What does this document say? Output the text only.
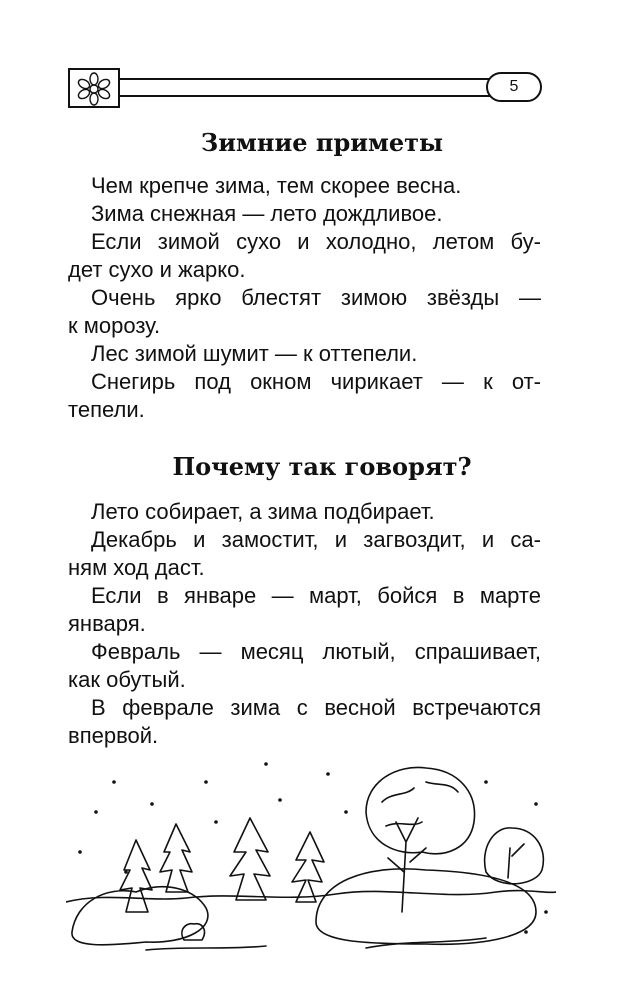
5
Зимние приметы

Чем крепче зима, тем скорее весна.

Зима снежная — лето дождливое.

Если зимой сухо и холодно, летом бу-

дет сухо и жарко.

Очень ярко блестят зимою звёзды —

к морозу.

Лес зимой шумит — к оттепели.

Снегирь под окном чирикает — к от-

тепели.

Почему так говорят?

Лето собирает, а зима подбирает.

Декабрь и замостит, и загвоздит, и са-

ням ход даст.

Если в январе — март, бойся в марте

января.

Февраль — месяц лютый, спрашивает,

как обутый.

В феврале зима с весной встречаются

впервой.
